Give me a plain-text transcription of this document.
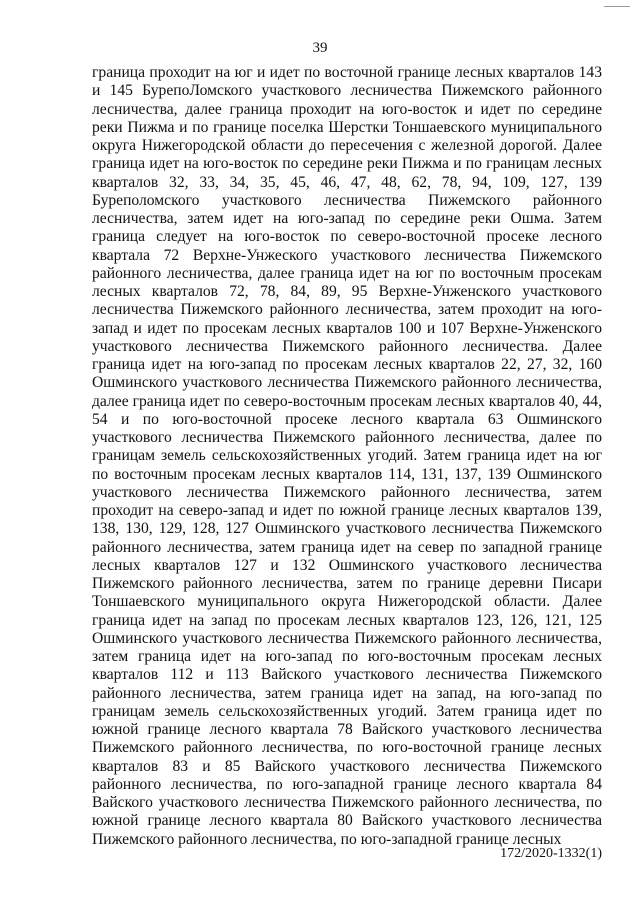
39

граница проходит на юг и идет по восточной границе лесных кварталов 143 и 145 БурепоЛомского участкового лесничества Пижемского районного лесничества, далее граница проходит на юго-восток и идет по середине реки Пижма и по границе поселка Шерстки Тоншаевского муниципального округа Нижегородской области до пересечения с железной дорогой. Далее граница идет на юго-восток по середине реки Пижма и по границам лесных кварталов 32, 33, 34, 35, 45, 46, 47, 48, 62, 78, 94, 109, 127, 139 Буреполомского участкового лесничества Пижемского районного лесничества, затем идет на юго-запад по середине реки Ошма. Затем граница следует на юго-восток по северо-восточной просеке лесного квартала 72 Верхне-Унжеского участкового лесничества Пижемского районного лесничества, далее граница идет на юг по восточным просекам лесных кварталов 72, 78, 84, 89, 95 Верхне-Унженского участкового лесничества Пижемского районного лесничества, затем проходит на юго-запад и идет по просекам лесных кварталов 100 и 107 Верхне-Унженского участкового лесничества Пижемского районного лесничества. Далее граница идет на юго-запад по просекам лесных кварталов 22, 27, 32, 160 Ошминского участкового лесничества Пижемского районного лесничества, далее граница идет по северо-восточным просекам лесных кварталов 40, 44, 54 и по юго-восточной просеке лесного квартала 63 Ошминского участкового лесничества Пижемского районного лесничества, далее по границам земель сельскохозяйственных угодий. Затем граница идет на юг по восточным просекам лесных кварталов 114, 131, 137, 139 Ошминского участкового лесничества Пижемского районного лесничества, затем проходит на северо-запад и идет по южной границе лесных кварталов 139, 138, 130, 129, 128, 127 Ошминского участкового лесничества Пижемского районного лесничества, затем граница идет на север по западной границе лесных кварталов 127 и 132 Ошминского участкового лесничества Пижемского районного лесничества, затем по границе деревни Писари Тоншаевского муниципального округа Нижегородской области. Далее граница идет на запад по просекам лесных кварталов 123, 126, 121, 125 Ошминского участкового лесничества Пижемского районного лесничества, затем граница идет на юго-запад по юго-восточным просекам лесных кварталов 112 и 113 Вайского участкового лесничества Пижемского районного лесничества, затем граница идет на запад, на юго-запад по границам земель сельскохозяйственных угодий. Затем граница идет по южной границе лесного квартала 78 Вайского участкового лесничества Пижемского районного лесничества, по юго-восточной границе лесных кварталов 83 и 85 Вайского участкового лесничества Пижемского районного лесничества, по юго-западной границе лесного квартала 84 Вайского участкового лесничества Пижемского районного лесничества, по южной границе лесного квартала 80 Вайского участкового лесничества Пижемского районного лесничества, по юго-западной границе лесных

172/2020-1332(1)
